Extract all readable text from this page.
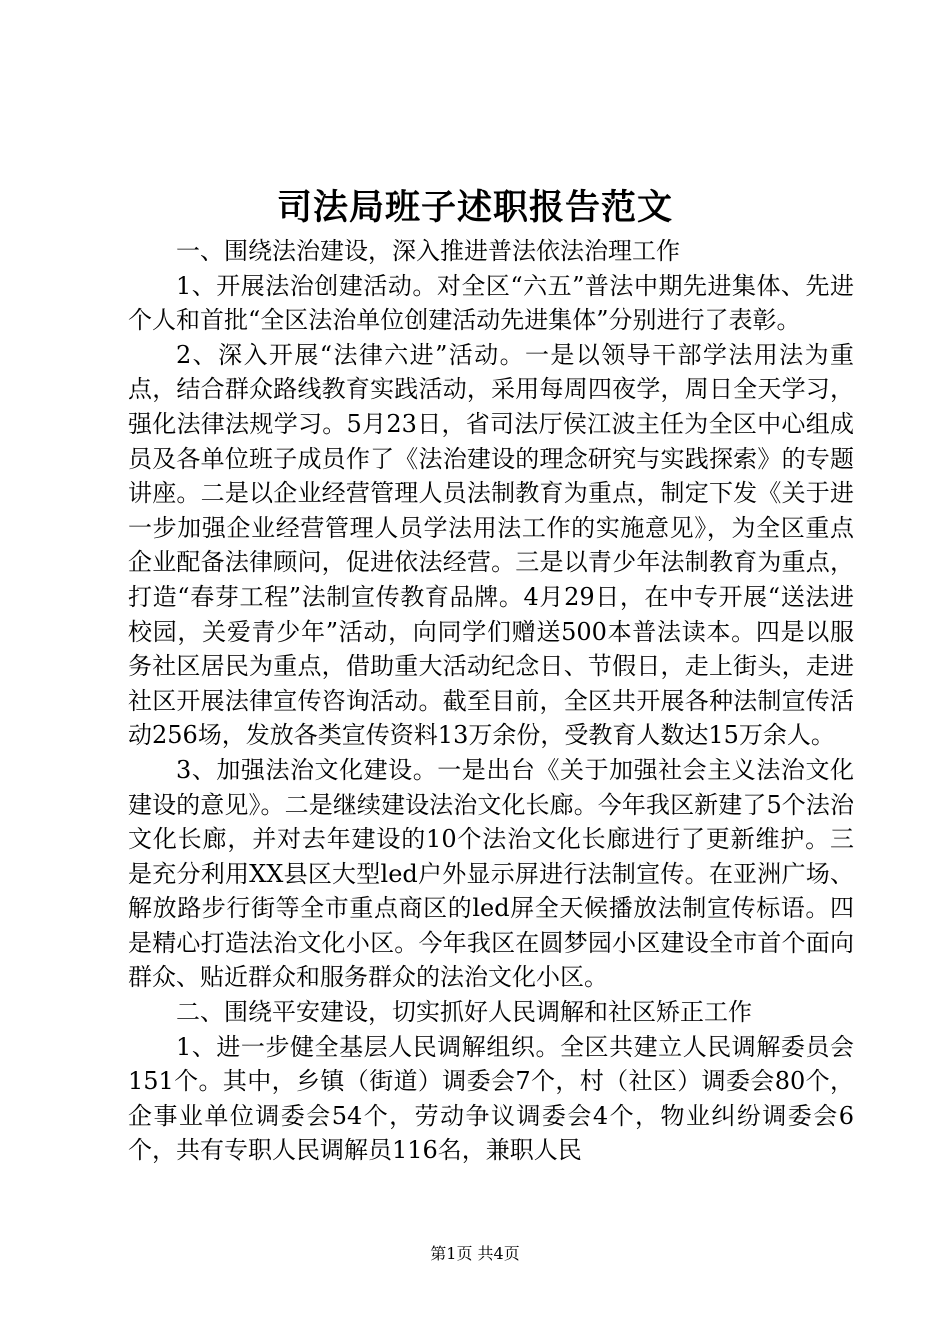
司法局班子述职报告范文

一、围绕法治建设，深入推进普法依法治理工作

1、开展法治创建活动。对全区“六五”普法中期先进集体、先进个人和首批“全区法治单位创建活动先进集体”分别进行了表彰。

2、深入开展“法律六进”活动。一是以领导干部学法用法为重点，结合群众路线教育实践活动，采用每周四夜学，周日全天学习，强化法律法规学习。5月23日，省司法厅侯江波主任为全区中心组成员及各单位班子成员作了《法治建设的理念研究与实践探索》的专题讲座。二是以企业经营管理人员法制教育为重点，制定下发《关于进一步加强企业经营管理人员学法用法工作的实施意见》，为全区重点企业配备法律顾问，促进依法经营。三是以青少年法制教育为重点，打造“春芽工程”法制宣传教育品牌。4月29日，在中专开展“送法进校园，关爱青少年”活动，向同学们赠送500本普法读本。四是以服务社区居民为重点，借助重大活动纪念日、节假日，走上街头，走进社区开展法律宣传咨询活动。截至目前，全区共开展各种法制宣传活动256场，发放各类宣传资料13万余份，受教育人数达15万余人。

3、加强法治文化建设。一是出台《关于加强社会主义法治文化建设的意见》。二是继续建设法治文化长廊。今年我区新建了5个法治文化长廊，并对去年建设的10个法治文化长廊进行了更新维护。三是充分利用XX县区大型led户外显示屏进行法制宣传。在亚洲广场、解放路步行街等全市重点商区的led屏全天候播放法制宣传标语。四是精心打造法治文化小区。今年我区在圆梦园小区建设全市首个面向群众、贴近群众和服务群众的法治文化小区。

二、围绕平安建设，切实抓好人民调解和社区矫正工作

1、进一步健全基层人民调解组织。全区共建立人民调解委员会151个。其中，乡镇（街道）调委会7个，村（社区）调委会80个，企事业单位调委会54个，劳动争议调委会4个，物业纠纷调委会6个，共有专职人民调解员116名，兼职人民

第1页 共4页
